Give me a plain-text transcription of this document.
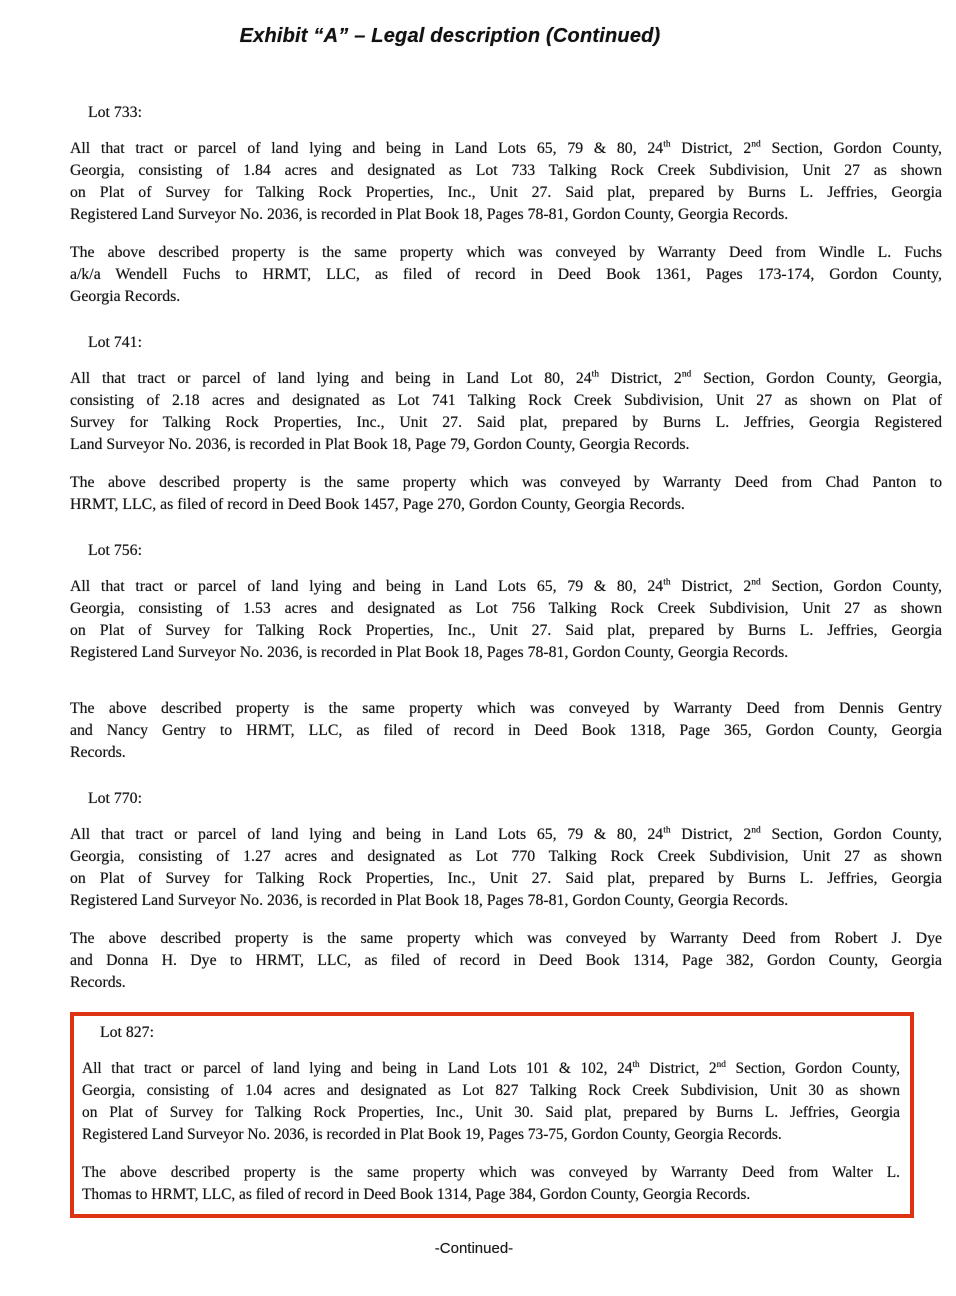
Exhibit “A” – Legal description (Continued)
Lot 733:
All that tract or parcel of land lying and being in Land Lots 65, 79 & 80, 24th District, 2nd Section, Gordon County,
Georgia, consisting of 1.84 acres and designated as Lot 733 Talking Rock Creek Subdivision, Unit 27 as shown
on Plat of Survey for Talking Rock Properties, Inc., Unit 27. Said plat, prepared by Burns L. Jeffries, Georgia
Registered Land Surveyor No. 2036, is recorded in Plat Book 18, Pages 78-81, Gordon County, Georgia Records.
The above described property is the same property which was conveyed by Warranty Deed from Windle L. Fuchs
a/k/a Wendell Fuchs to HRMT, LLC, as filed of record in Deed Book 1361, Pages 173-174, Gordon County,
Georgia Records.
Lot 741:
All that tract or parcel of land lying and being in Land Lot 80, 24th District, 2nd Section, Gordon County, Georgia,
consisting of 2.18 acres and designated as Lot 741 Talking Rock Creek Subdivision, Unit 27 as shown on Plat of
Survey for Talking Rock Properties, Inc., Unit 27. Said plat, prepared by Burns L. Jeffries, Georgia Registered
Land Surveyor No. 2036, is recorded in Plat Book 18, Page 79, Gordon County, Georgia Records.
The above described property is the same property which was conveyed by Warranty Deed from Chad Panton to
HRMT, LLC, as filed of record in Deed Book 1457, Page 270, Gordon County, Georgia Records.
Lot 756:
All that tract or parcel of land lying and being in Land Lots 65, 79 & 80, 24th District, 2nd Section, Gordon County,
Georgia, consisting of 1.53 acres and designated as Lot 756 Talking Rock Creek Subdivision, Unit 27 as shown
on Plat of Survey for Talking Rock Properties, Inc., Unit 27. Said plat, prepared by Burns L. Jeffries, Georgia
Registered Land Surveyor No. 2036, is recorded in Plat Book 18, Pages 78-81, Gordon County, Georgia Records.
The above described property is the same property which was conveyed by Warranty Deed from Dennis Gentry
and Nancy Gentry to HRMT, LLC, as filed of record in Deed Book 1318, Page 365, Gordon County, Georgia
Records.
Lot 770:
All that tract or parcel of land lying and being in Land Lots 65, 79 & 80, 24th District, 2nd Section, Gordon County,
Georgia, consisting of 1.27 acres and designated as Lot 770 Talking Rock Creek Subdivision, Unit 27 as shown
on Plat of Survey for Talking Rock Properties, Inc., Unit 27. Said plat, prepared by Burns L. Jeffries, Georgia
Registered Land Surveyor No. 2036, is recorded in Plat Book 18, Pages 78-81, Gordon County, Georgia Records.
The above described property is the same property which was conveyed by Warranty Deed from Robert J. Dye
and Donna H. Dye to HRMT, LLC, as filed of record in Deed Book 1314, Page 382, Gordon County, Georgia
Records.
Lot 827:
All that tract or parcel of land lying and being in Land Lots 101 & 102, 24th District, 2nd Section, Gordon County,
Georgia, consisting of 1.04 acres and designated as Lot 827 Talking Rock Creek Subdivision, Unit 30 as shown
on Plat of Survey for Talking Rock Properties, Inc., Unit 30. Said plat, prepared by Burns L. Jeffries, Georgia
Registered Land Surveyor No. 2036, is recorded in Plat Book 19, Pages 73-75, Gordon County, Georgia Records.
The above described property is the same property which was conveyed by Warranty Deed from Walter L.
Thomas to HRMT, LLC, as filed of record in Deed Book 1314, Page 384, Gordon County, Georgia Records.
-Continued-
